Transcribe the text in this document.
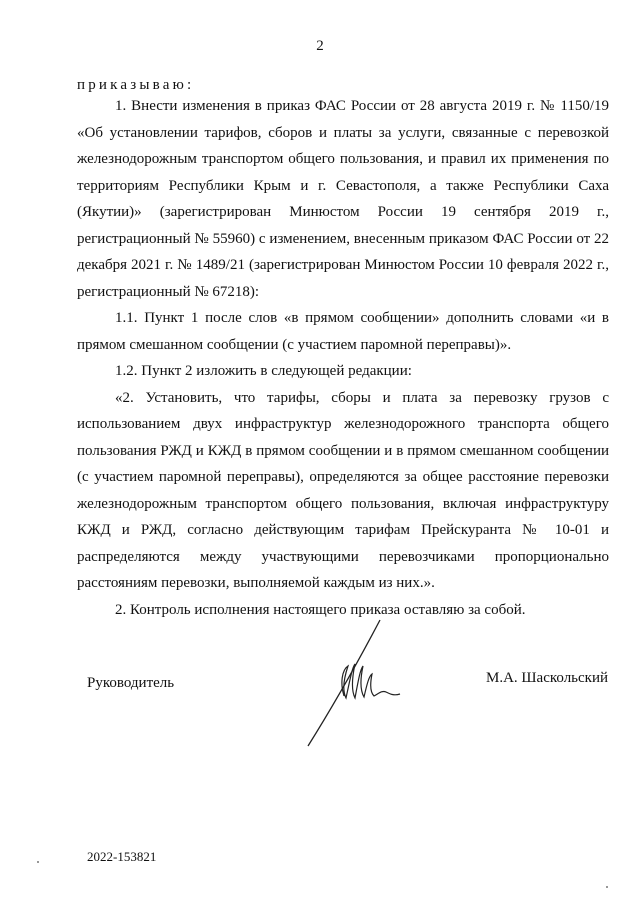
2
приказываю:

1. Внести изменения в приказ ФАС России от 28 августа 2019 г. № 1150/19 «Об установлении тарифов, сборов и платы за услуги, связанные с перевозкой железнодорожным транспортом общего пользования, и правил их применения по территориям Республики Крым и г. Севастополя, а также Республики Саха (Якутии)» (зарегистрирован Минюстом России 19 сентября 2019 г., регистрационный № 55960) с изменением, внесенным приказом ФАС России от 22 декабря 2021 г. № 1489/21 (зарегистрирован Минюстом России 10 февраля 2022 г., регистрационный № 67218):

1.1. Пункт 1 после слов «в прямом сообщении» дополнить словами «и в прямом смешанном сообщении (с участием паромной переправы)».

1.2. Пункт 2 изложить в следующей редакции:

«2. Установить, что тарифы, сборы и плата за перевозку грузов с использованием двух инфраструктур железнодорожного транспорта общего пользования РЖД и КЖД в прямом сообщении и в прямом смешанном сообщении (с участием паромной переправы), определяются за общее расстояние перевозки железнодорожным транспортом общего пользования, включая инфраструктуру КЖД и РЖД, согласно действующим тарифам Прейскуранта № 10-01 и распределяются между участвующими перевозчиками пропорционально расстояниям перевозки, выполняемой каждым из них.».

2. Контроль исполнения настоящего приказа оставляю за собой.

Руководитель	М.А. Шаскольский
2022-153821
